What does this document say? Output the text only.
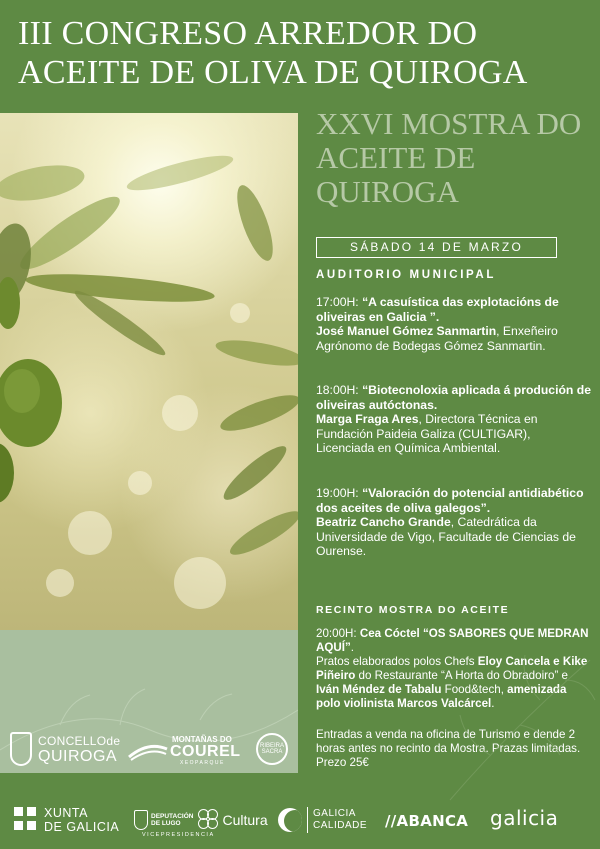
III CONGRESO ARREDOR DO ACEITE DE OLIVA DE QUIROGA
CONCELLOde
QUIROGA
MONTAÑAS DO
COUREL
XEOPARQUE
RIBEIRA SACRA
XXVI MOSTRA DO ACEITE DE QUIROGA
SÁBADO 14 DE MARZO
AUDITORIO MUNICIPAL
17:00H: “A casuística das explotacións de oliveiras en Galicia ”.
José Manuel Gómez Sanmartin, Enxeñeiro Agrónomo de Bodegas Gómez Sanmartin.
18:00H: “Biotecnoloxia aplicada á produción de oliveiras autóctonas.
Marga Fraga Ares, Directora Técnica en Fundación Paideia Galiza (CULTIGAR), Licenciada en Química Ambiental.
19:00H: “Valoración do potencial antidiabético dos aceites de oliva galegos”.
Beatriz Cancho Grande, Catedrática da Universidade de Vigo, Facultade de Ciencias de Ourense.
RECINTO MOSTRA DO ACEITE
20:00H: Cea Cóctel “OS SABORES QUE MEDRAN AQUÍ”.
Pratos elaborados polos Chefs Eloy Cancela e Kike Piñeiro do Restaurante “A Horta do Obradoiro” e Iván Méndez de Tabalu Food&tech, amenizada polo violinista Marcos Valcárcel.
Entradas a venda na oficina de Turismo e dende 2 horas antes no recinto da Mostra. Prazas limitadas. Prezo 25€
XUNTA
DE GALICIA
DEPUTACIÓN
DE LUGO	Cultura
VICEPRESIDENCIA
GALICIA
CALIDADE //ABANCA galicia
